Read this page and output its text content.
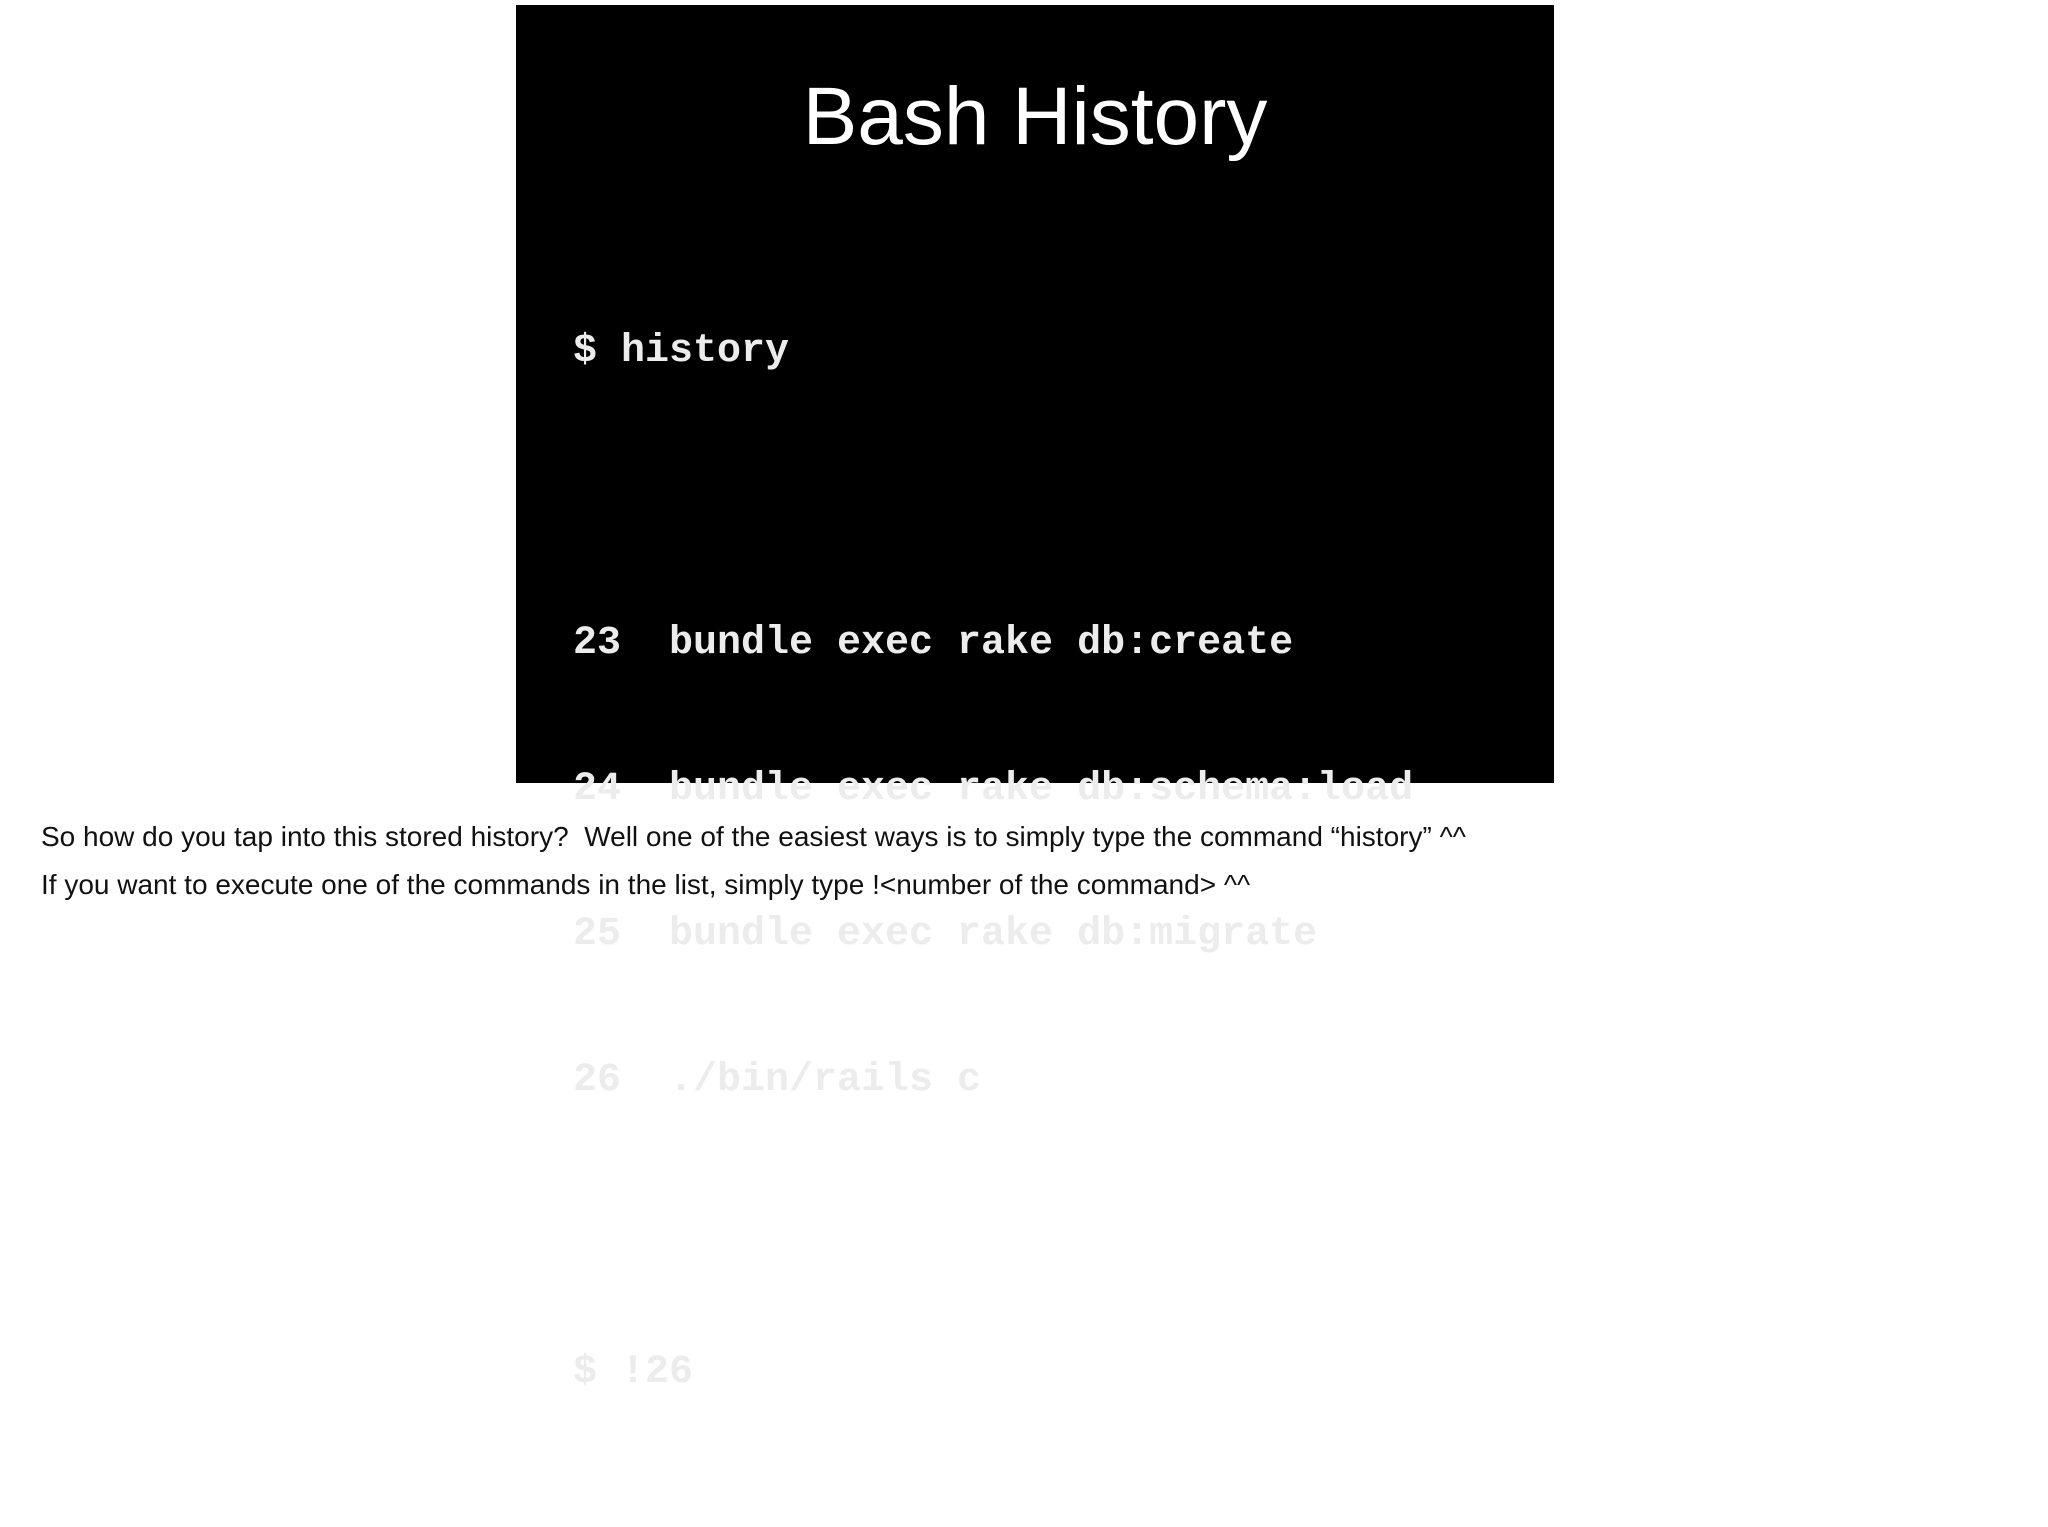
Bash History

$ history

23 bundle exec rake db:create

24 bundle exec rake db:schema:load

25 bundle exec rake db:migrate

26 ./bin/rails c

$ !26

So how do you tap into this stored history?  Well one of the easiest ways is to simply type the command “history” ^^

If you want to execute one of the commands in the list, simply type !<number of the command> ^^
